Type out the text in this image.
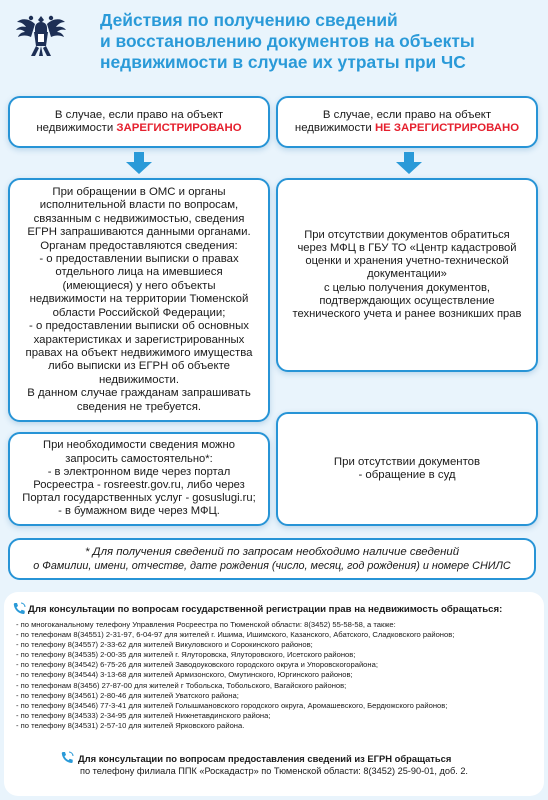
Действия по получению сведений
и восстановлению документов на объекты
недвижимости в случае их утраты при ЧС
В случае, если право на объект
недвижимости ЗАРЕГИСТРИРОВАНО
В случае, если право на объект
недвижимости НЕ ЗАРЕГИСТРИРОВАНО
При обращении в ОМС и органы
исполнительной власти по вопросам,
связанным с недвижимостью, сведения
ЕГРН запрашиваются данными органами.
Органам предоставляются сведения:
- о предоставлении выписки о правах
отдельного лица на имевшиеся
(имеющиеся) у него объекты
недвижимости на территории Тюменской
области Российской Федерации;
- о предоставлении выписки об основных
характеристиках и зарегистрированных
правах на объект недвижимого имущества
либо выписки из ЕГРН об объекте
недвижимости.
В данном случае гражданам запрашивать
сведения не требуется.
При отсутствии документов обратиться
через МФЦ в ГБУ ТО «Центр кадастровой
оценки и хранения учетно-технической
документации»
с целью получения документов,
подтверждающих осуществление
технического учета и ранее возникших прав
При необходимости сведения можно
запросить самостоятельно*:
- в электронном виде через портал
Росреестра - rosreestr.gov.ru, либо через
Портал государственных услуг - gosuslugi.ru;
- в бумажном виде через МФЦ.
При отсутствии документов
- обращение в суд
* Для получения сведений по запросам необходимо наличие сведений
о Фамилии, имени, отчестве, дате рождения (число, месяц, год рождения) и номере СНИЛС
Для консультации по вопросам государственной регистрации прав на недвижимость обращаться:
- по многоканальному телефону Управления Росреестра по Тюменской области: 8(3452) 55-58-58, а также:
- по телефонам 8(34551) 2-31-97, 6-04-97 для жителей г. Ишима, Ишимского, Казанского, Абатского, Сладковского районов;
- по телефону 8(34557) 2-33-62 для жителей Викуловского и Сорокинского районов;
- по телефону 8(34535) 2-00-35 для жителей г. Ялуторовска, Ялуторовского, Исетского районов;
- по телефону 8(34542) 6-75-26 для жителей Заводоуковского городского округа и Упоровскогорайона;
- по телефону 8(34544) 3-13-68 для жителей Армизонского, Омутинского, Юргинского районов;
- по телефонам 8(3456) 27-87-00 для жителей г Тобольска, Тобольского, Вагайского районов;
- по телефону 8(34561) 2-80-46 для жителей Уватского района;
- по телефону 8(34546) 77-3-41 для жителей Голышмановского городского округа, Аромашевского, Бердюжского районов;
- по телефону 8(34533) 2-34-95 для жителей Нижнетавдинского района;
- по телефону 8(34531) 2-57-10 для жителей Ярковского района.
Для консультации по вопросам предоставления сведений из ЕГРН обращаться
по телефону филиала ППК «Роскадастр» по Тюменской области: 8(3452) 25-90-01, доб. 2.
